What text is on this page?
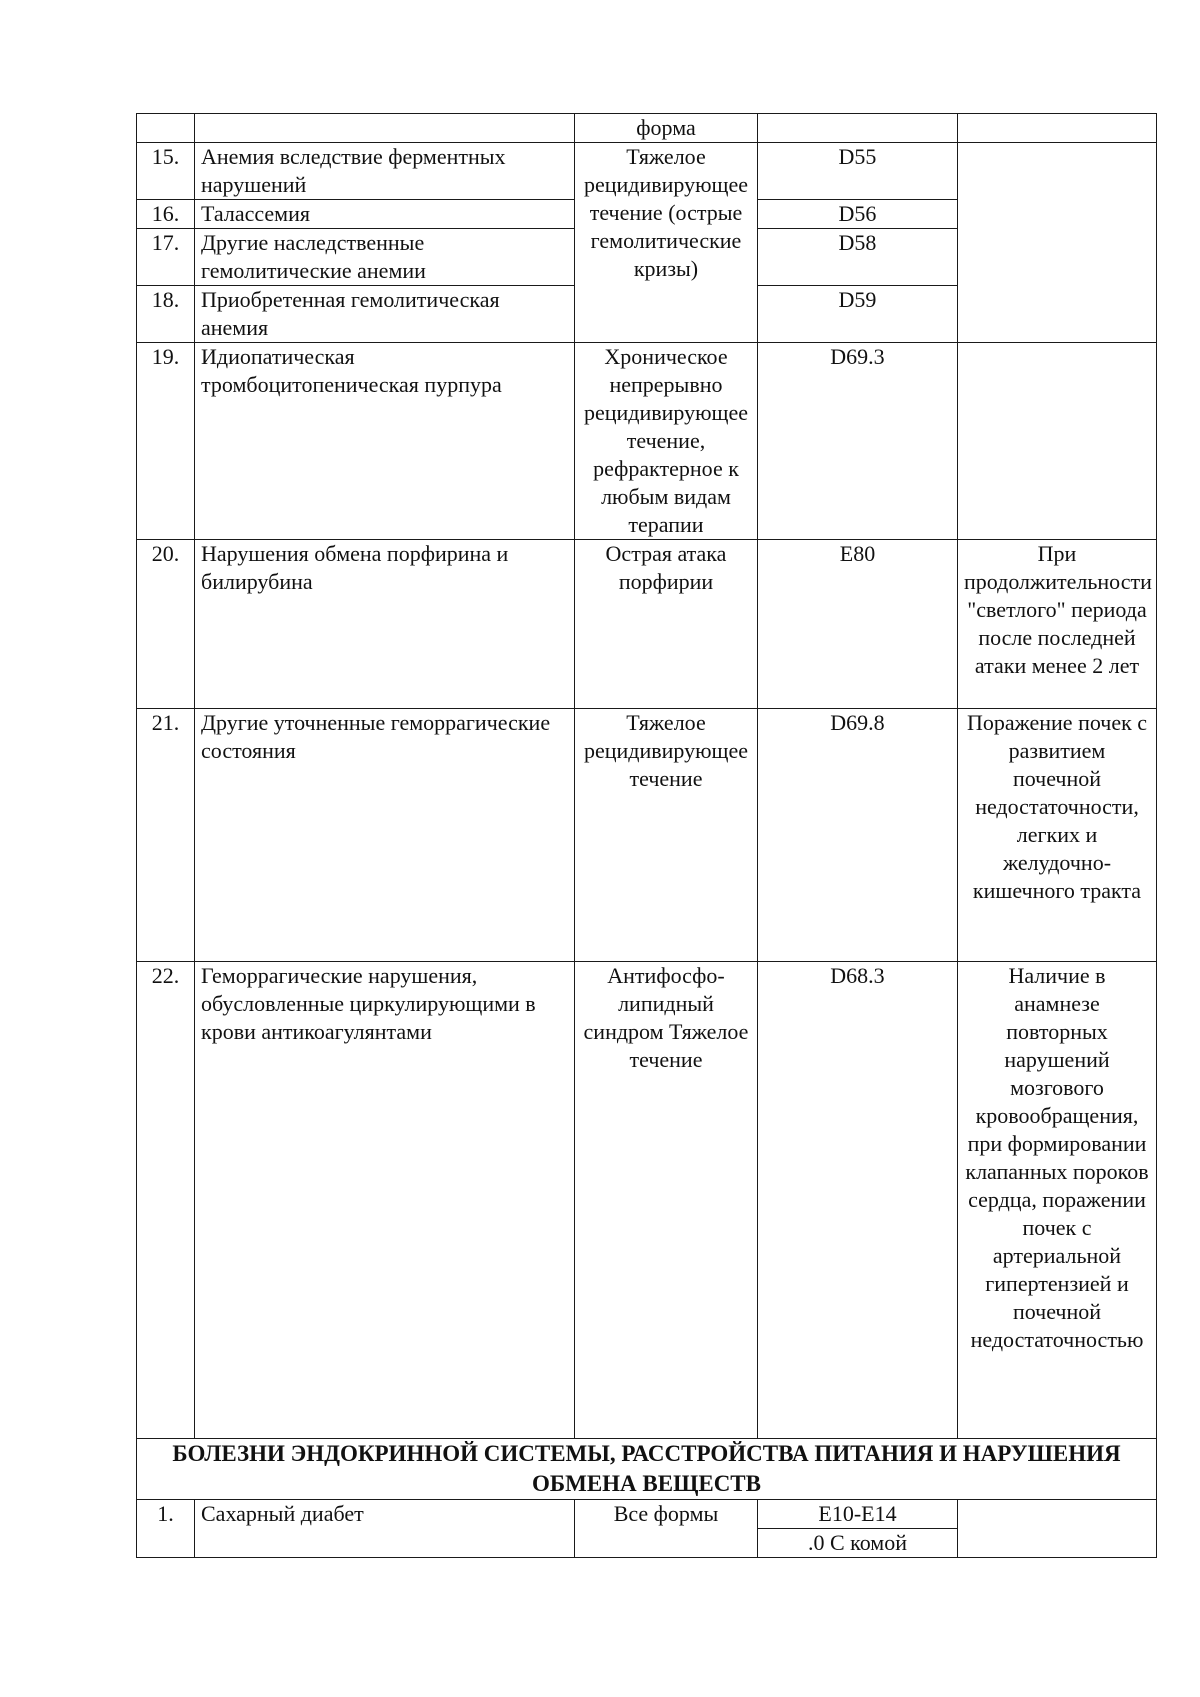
		форма		
15.	Анемия вследствие ферментных нарушений	Тяжелое рецидивирующее течение (острые гемолитические кризы)	D55	
16.	Талассемия		D56	
17.	Другие наследственные гемолитические анемии		D58	
18.	Приобретенная гемолитическая анемия		D59	
19.	Идиопатическая тромбоцитопеническая пурпура	Хроническое непрерывно рецидивирующее течение, рефрактерное к любым видам терапии	D69.3	
20.	Нарушения обмена порфирина и билирубина	Острая атака порфирии	E80	При продолжительности "светлого" периода после последней атаки менее 2 лет
21.	Другие уточненные геморрагические состояния	Тяжелое рецидивирующее течение	D69.8	Поражение почек с развитием почечной недостаточности, легких и желудочно-кишечного тракта
22.	Геморрагические нарушения, обусловленные циркулирующими в крови антикоагулянтами	Антифосфо-липидный синдром Тяжелое течение	D68.3	Наличие в анамнезе повторных нарушений мозгового кровообращения, при формировании клапанных пороков сердца, поражении почек с артериальной гипертензией и почечной недостаточностью
БОЛЕЗНИ ЭНДОКРИННОЙ СИСТЕМЫ, РАССТРОЙСТВА ПИТАНИЯ И НАРУШЕНИЯ ОБМЕНА ВЕЩЕСТВ				
1.	Сахарный диабет	Все формы	E10-E14	
			.0 С комой	
